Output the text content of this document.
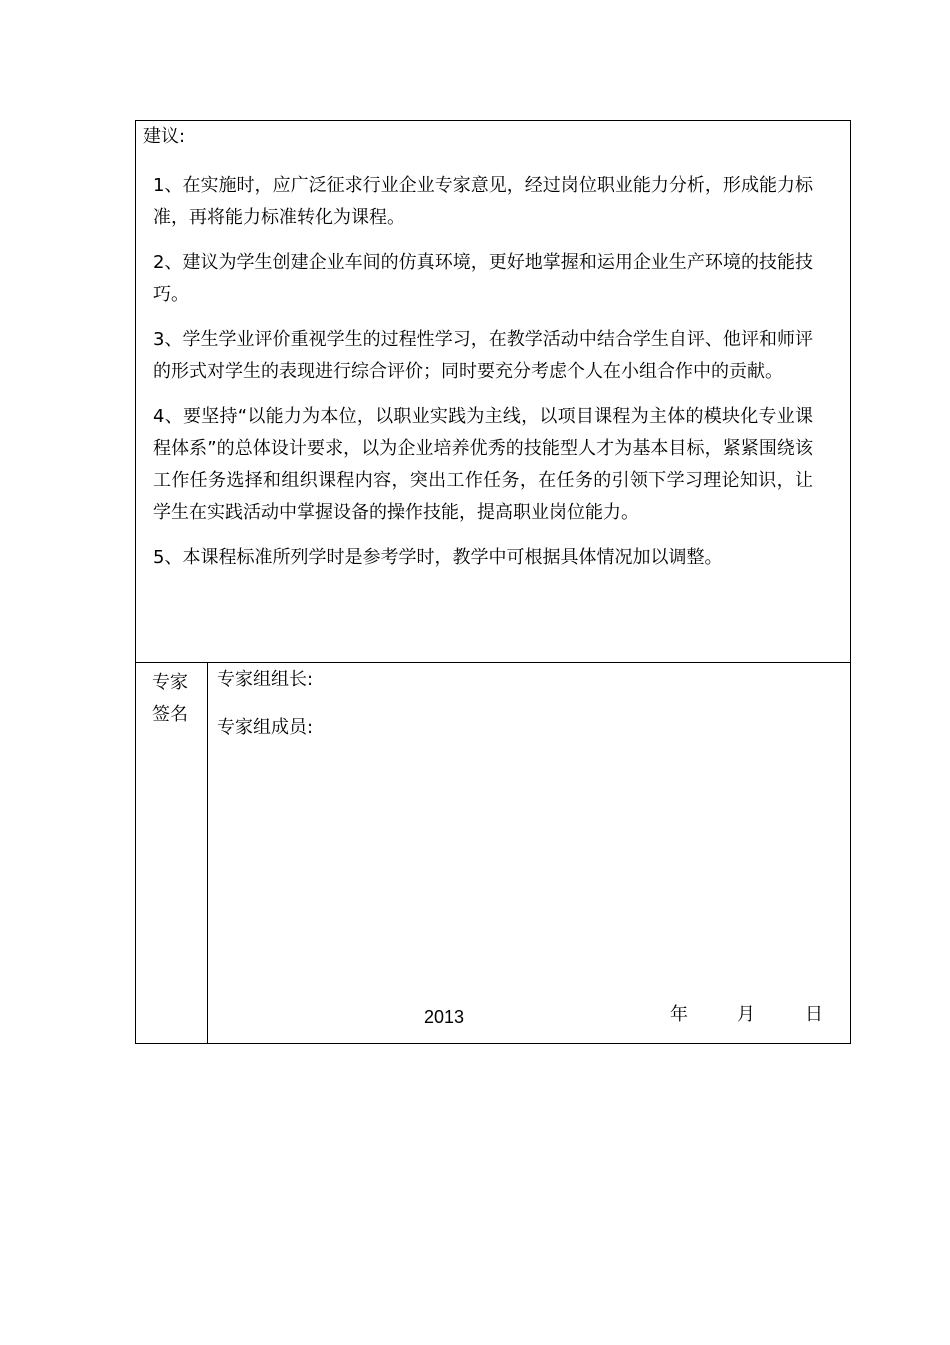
建议:

1、在实施时，应广泛征求行业企业专家意见，经过岗位职业能力分析，形成能力标准，再将能力标准转化为课程。

2、建议为学生创建企业车间的仿真环境，更好地掌握和运用企业生产环境的技能技巧。

3、学生学业评价重视学生的过程性学习，在教学活动中结合学生自评、他评和师评的形式对学生的表现进行综合评价；同时要充分考虑个人在小组合作中的贡献。

4、要坚持“以能力为本位，以职业实践为主线，以项目课程为主体的模块化专业课程体系”的总体设计要求，以为企业培养优秀的技能型人才为基本目标，紧紧围绕该工作任务选择和组织课程内容，突出工作任务，在任务的引领下学习理论知识，让学生在实践活动中掌握设备的操作技能，提高职业岗位能力。

5、本课程标准所列学时是参考学时，教学中可根据具体情况加以调整。

专家签名
专家组组长:
专家组成员:
2013	年	月	日
